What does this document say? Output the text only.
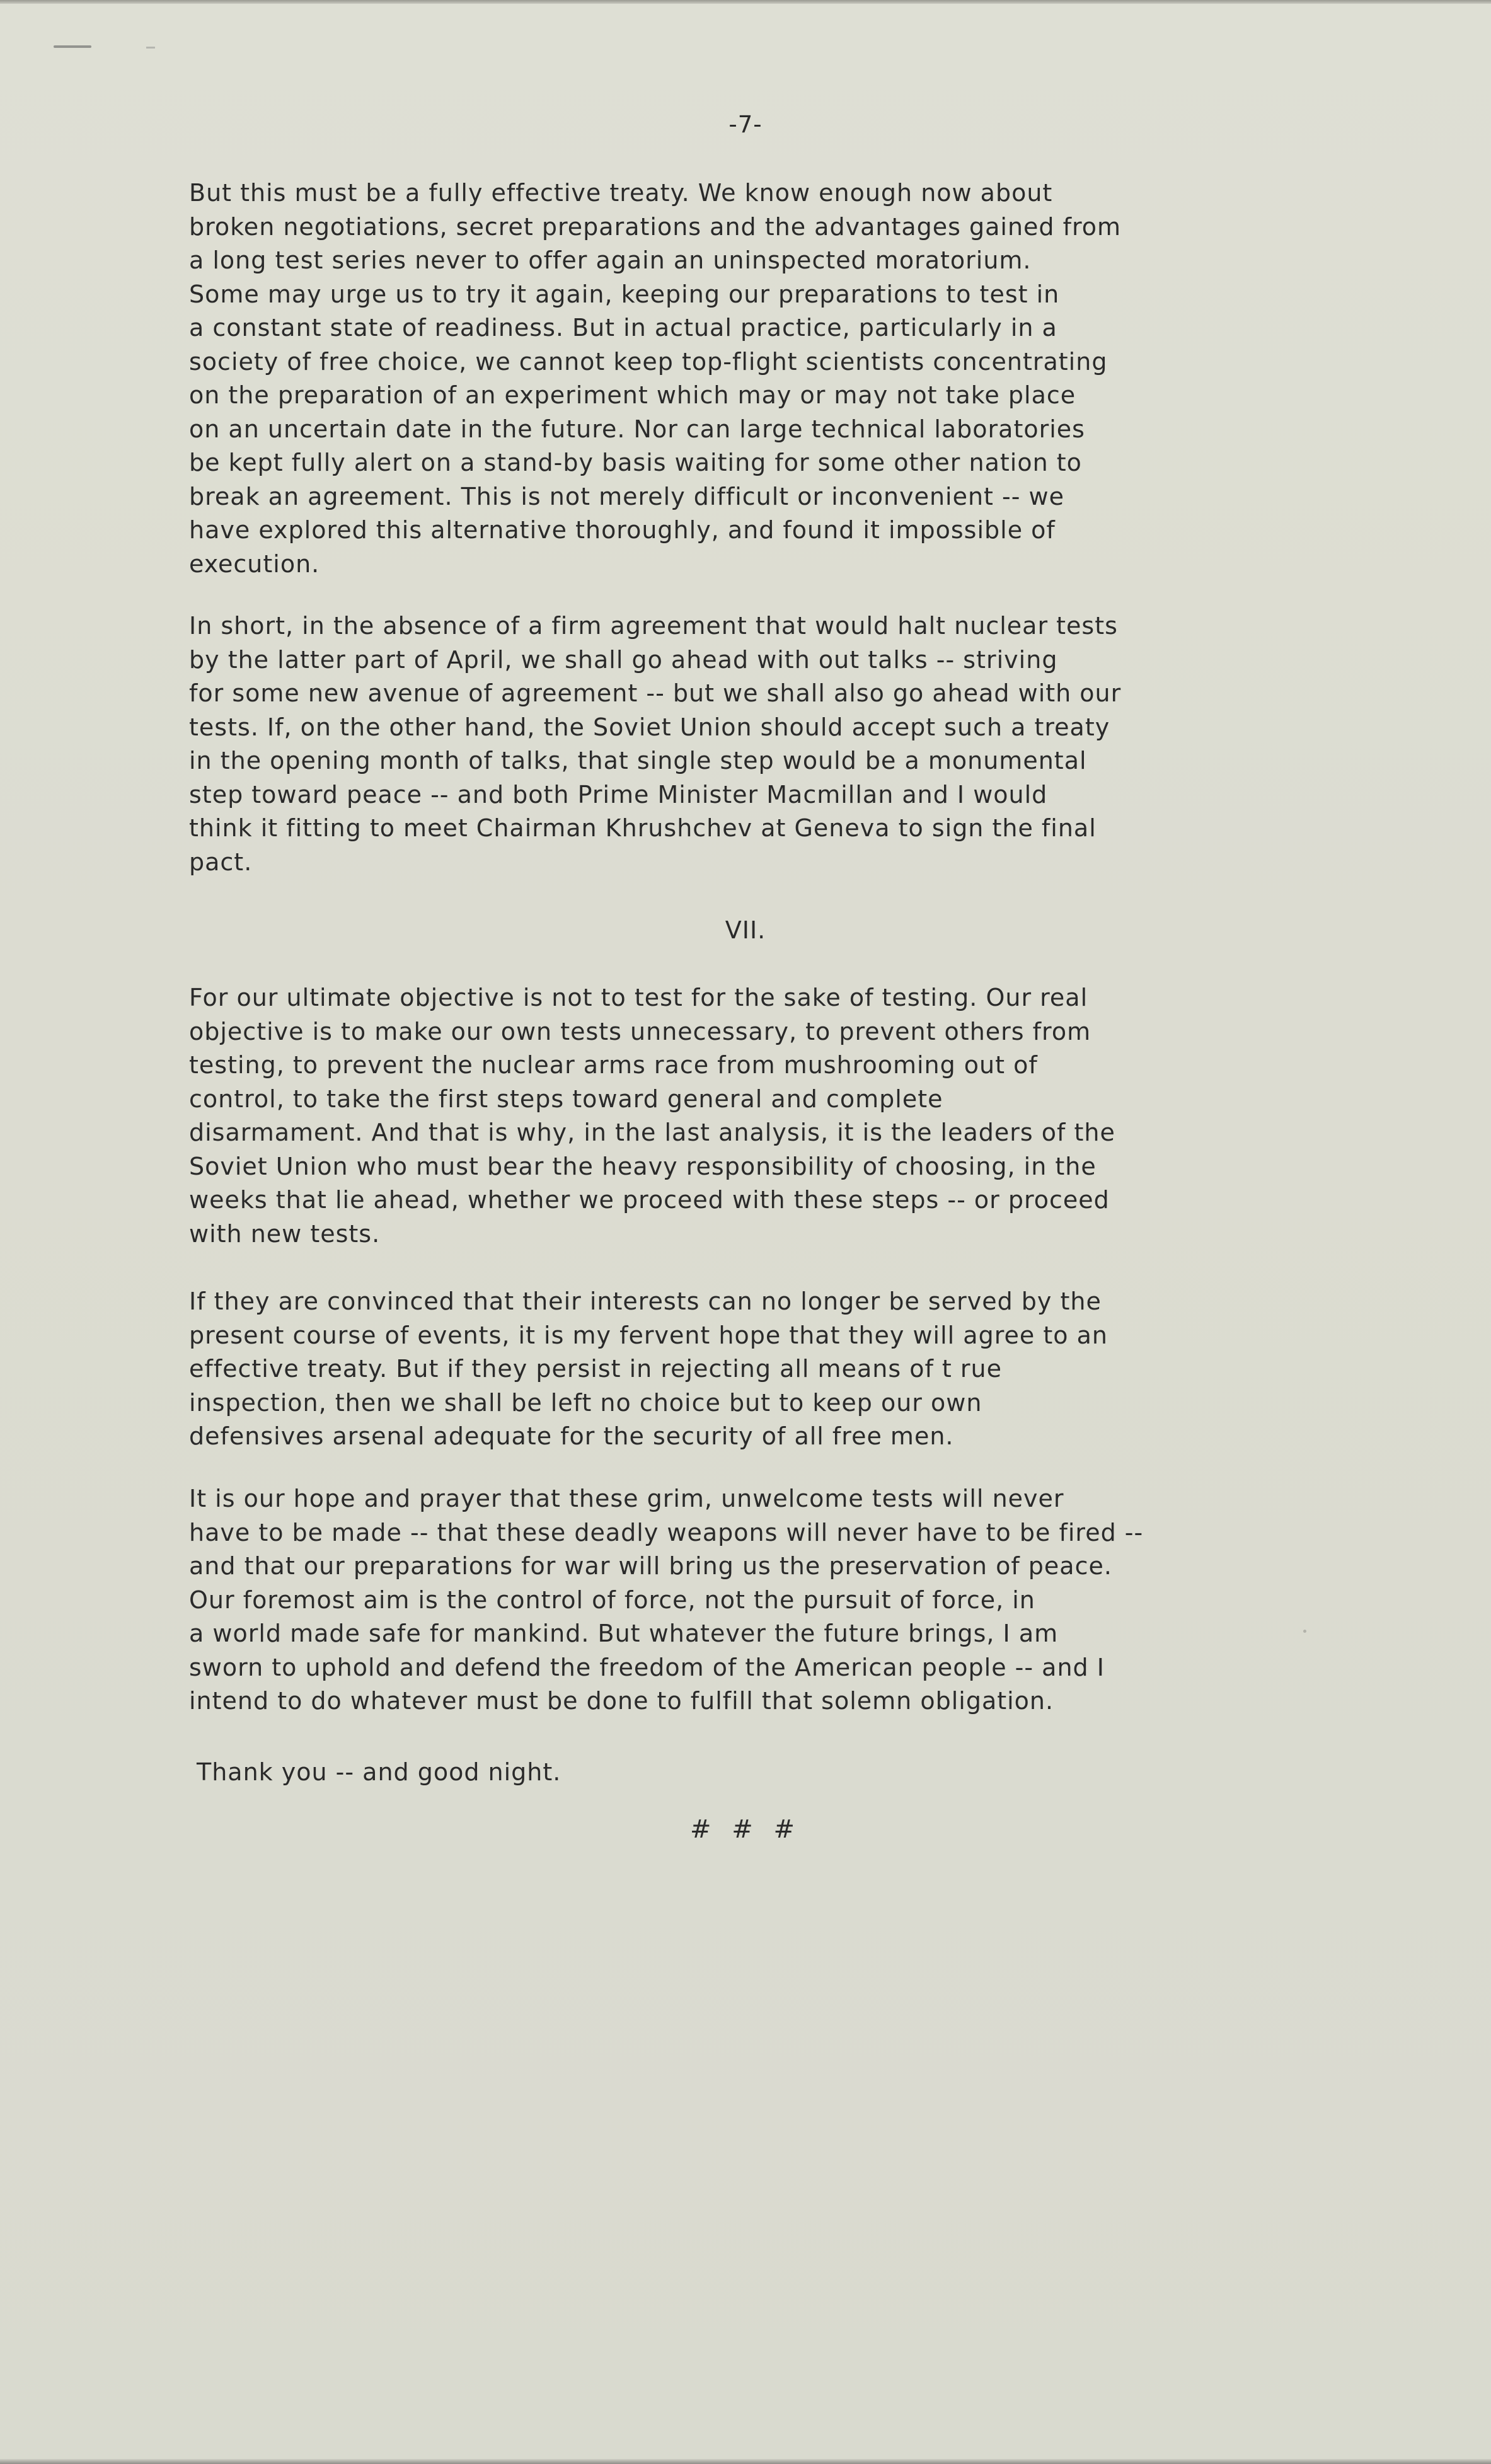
-7-

But this must be a fully effective treaty. We know enough now about
broken negotiations, secret preparations and the advantages gained from
a long test series never to offer again an uninspected moratorium.
Some may urge us to try it again, keeping our preparations to test in
a constant state of readiness. But in actual practice, particularly in a
society of free choice, we cannot keep top-flight scientists concentrating
on the preparation of an experiment which may or may not take place
on an uncertain date in the future. Nor can large technical laboratories
be kept fully alert on a stand-by basis waiting for some other nation to
break an agreement. This is not merely difficult or inconvenient -- we
have explored this alternative thoroughly, and found it impossible of
execution.

In short, in the absence of a firm agreement that would halt nuclear tests
by the latter part of April, we shall go ahead with out talks -- striving
for some new avenue of agreement -- but we shall also go ahead with our
tests. If, on the other hand, the Soviet Union should accept such a treaty
in the opening month of talks, that single step would be a monumental
step toward peace -- and both Prime Minister Macmillan and I would
think it fitting to meet Chairman Khrushchev at Geneva to sign the final
pact.

VII.

For our ultimate objective is not to test for the sake of testing. Our real
objective is to make our own tests unnecessary, to prevent others from
testing, to prevent the nuclear arms race from mushrooming out of
control, to take the first steps toward general and complete
disarmament. And that is why, in the last analysis, it is the leaders of the
Soviet Union who must bear the heavy responsibility of choosing, in the
weeks that lie ahead, whether we proceed with these steps -- or proceed
with new tests.

If they are convinced that their interests can no longer be served by the
present course of events, it is my fervent hope that they will agree to an
effective treaty. But if they persist in rejecting all means of t rue
inspection, then we shall be left no choice but to keep our own
defensives arsenal adequate for the security of all free men.

It is our hope and prayer that these grim, unwelcome tests will never
have to be made -- that these deadly weapons will never have to be fired --
and that our preparations for war will bring us the preservation of peace.
Our foremost aim is the control of force, not the pursuit of force, in
a world made safe for mankind. But whatever the future brings, I am
sworn to uphold and defend the freedom of the American people -- and I
intend to do whatever must be done to fulfill that solemn obligation.

Thank you -- and good night.

# # #
